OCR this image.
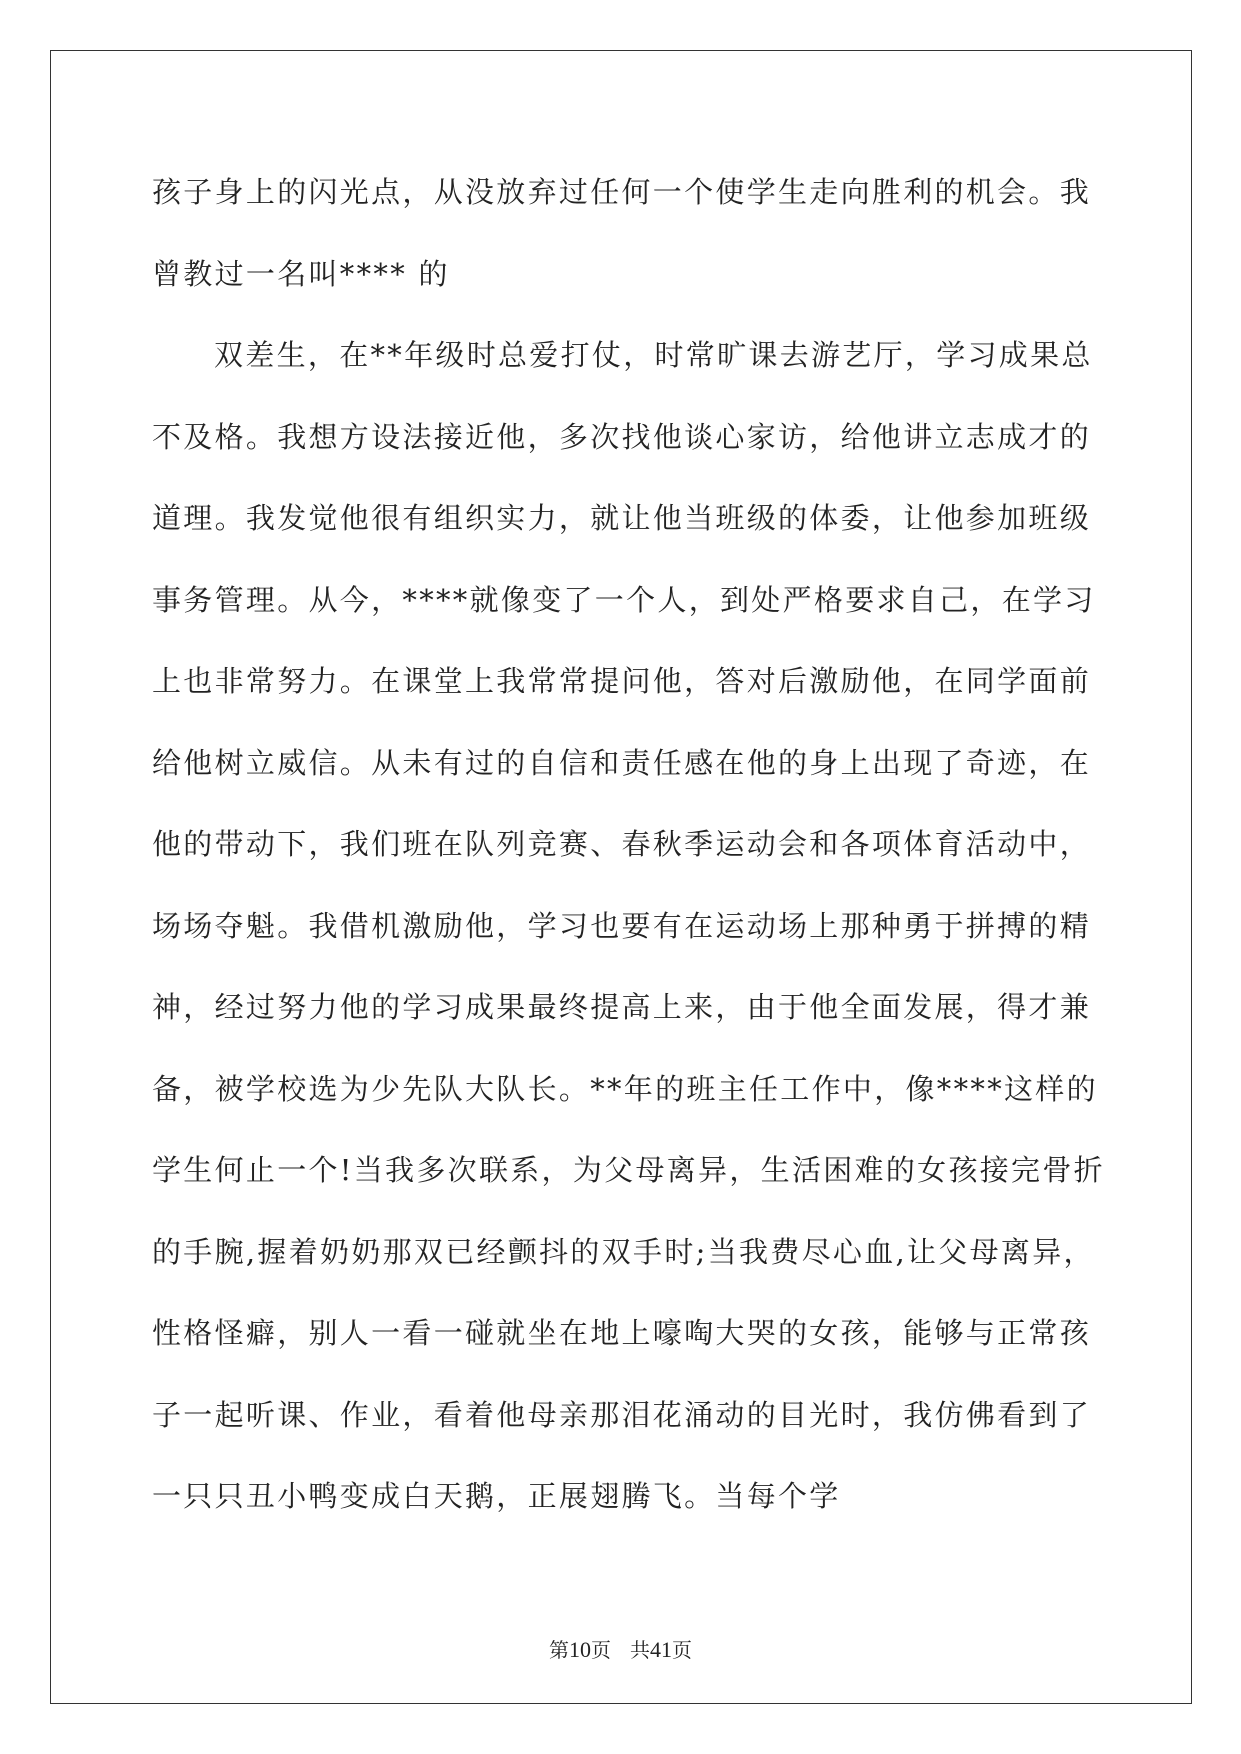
孩子身上的闪光点，从没放弃过任何一个使学生走向胜利的机会。我
曾教过一名叫**** 的
双差生，在**年级时总爱打仗，时常旷课去游艺厅，学习成果总
不及格。我想方设法接近他，多次找他谈心家访，给他讲立志成才的
道理。我发觉他很有组织实力，就让他当班级的体委，让他参加班级
事务管理。从今，****就像变了一个人，到处严格要求自己，在学习
上也非常努力。在课堂上我常常提问他，答对后激励他，在同学面前
给他树立威信。从未有过的自信和责任感在他的身上出现了奇迹，在
他的带动下，我们班在队列竞赛、春秋季运动会和各项体育活动中，
场场夺魁。我借机激励他，学习也要有在运动场上那种勇于拼搏的精
神，经过努力他的学习成果最终提高上来，由于他全面发展，得才兼
备，被学校选为少先队大队长。**年的班主任工作中，像****这样的
学生何止一个!当我多次联系，为父母离异，生活困难的女孩接完骨折
的手腕,握着奶奶那双已经颤抖的双手时;当我费尽心血,让父母离异，
性格怪癖，别人一看一碰就坐在地上嚎啕大哭的女孩，能够与正常孩
子一起听课、作业，看着他母亲那泪花涌动的目光时，我仿佛看到了
一只只丑小鸭变成白天鹅，正展翅腾飞。当每个学
第10页 共41页
